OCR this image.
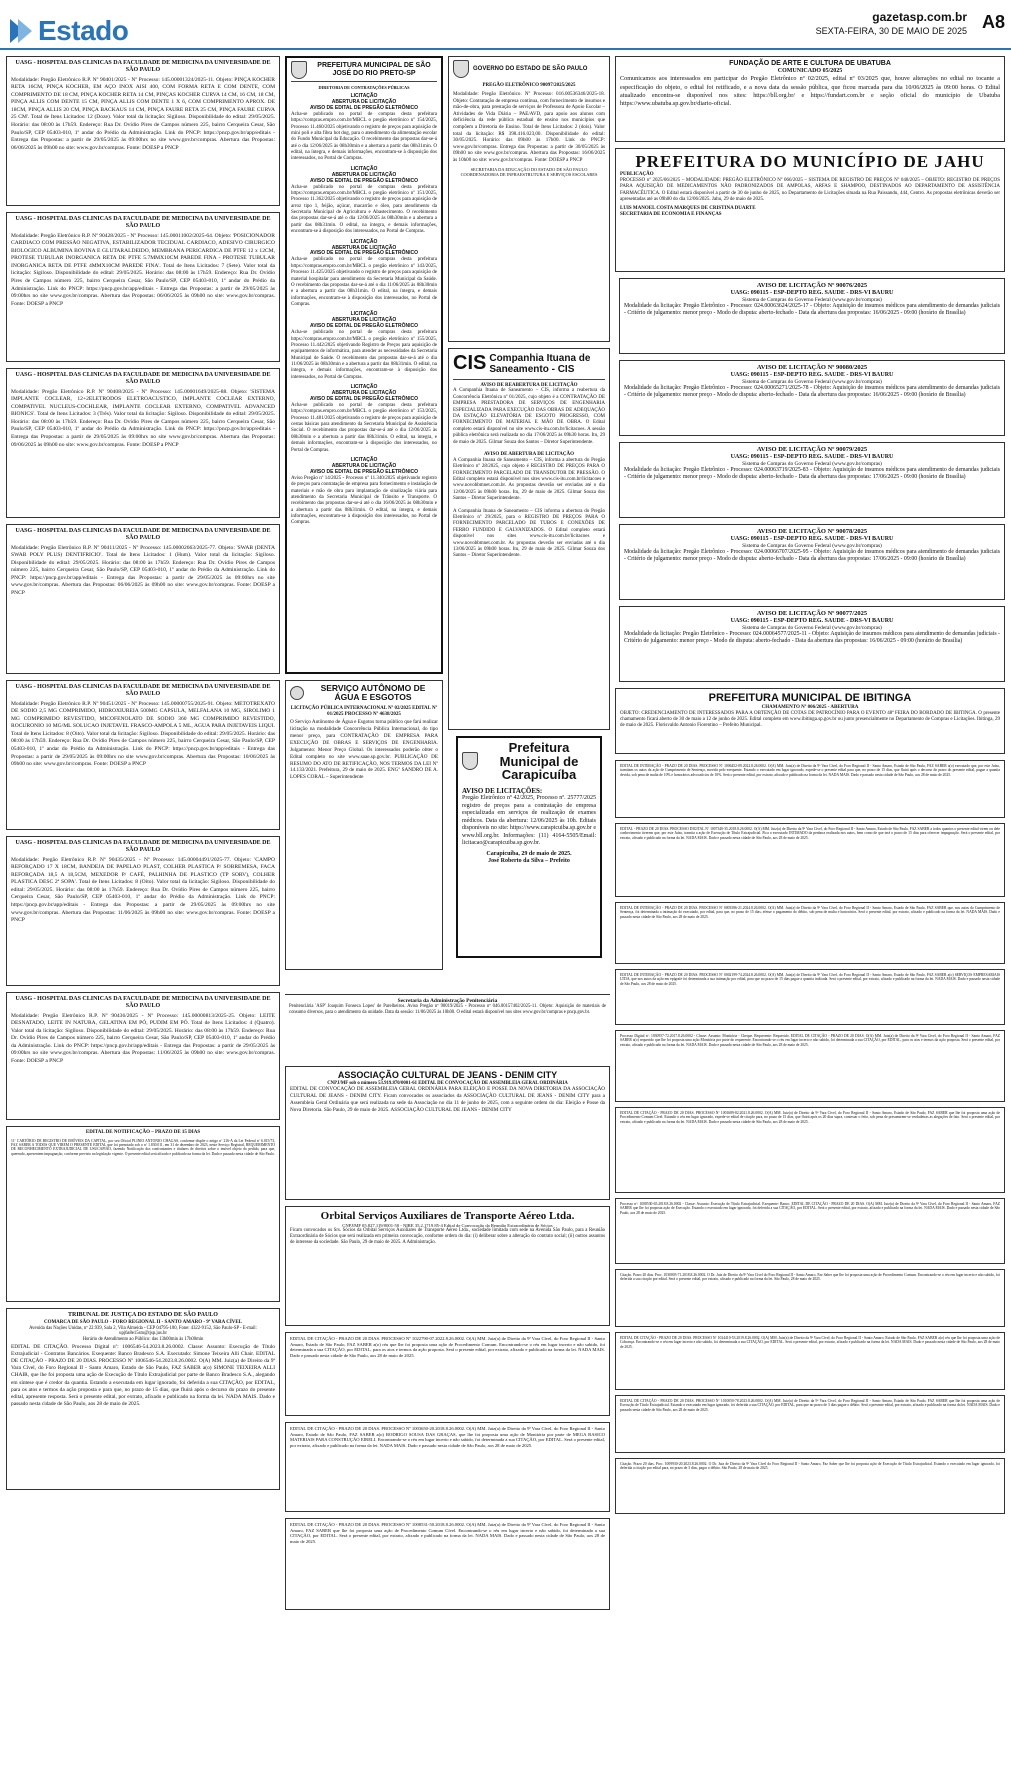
Estado	gazetasp.com.br
SEXTA-FEIRA, 30 DE MAIO DE 2025 A8
UASG - HOSPITAL DAS CLINICAS DA FACULDADE DE MEDICINA DA UNIVERSIDADE DE SÃO PAULO
Modalidade: Pregão Eletrônico R.P. Nº 90401/2025 - Nº Processo: 145.00001324/2025-11. Objeto: PINÇA KOCHER RETA 16CM, PINÇA KOCHER, EM AÇO INOX AISI 400, COM FORMA RETA E COM DENTE, COM COMPRIMENTO DE 18 CM, PINÇA KOCHER RETA 14 CM, PINÇAS KOCHER CURVA 14 CM, 16 CM, 18 CM, PINÇA ALLIS COM DENTE 15 CM, PINÇA ALLIS COM DENTE 1 X 6, COM COMPRIMENTO APROX. DE 18CM, PINÇA ALLIS 20 CM, PINÇA BACKAUS 14 CM, PINÇA FAURE RETA 25 CM, PINÇA FAURE CURVA 25 CM'. Total de Itens Licitados: 12 (Doze). Valor total da licitação: Sigiloso. Disponibilidade do edital: 29/05/2025. Horário: das 08:00 às 17h59. Endereço: Rua Dr. Ovídio Pires de Campos número 225, bairro Cerqueira Cesar, São Paulo/SP, CEP 05403-010, 1º andar do Prédio da Administração. Link do PNCP: https://pncp.gov.br/app/editais - Entrega das Propostas: a partir de 29/05/2025 às 09:00hrs no site www.gov.br/compras. Abertura das Propostas: 06/06/2025 às 09h00 no site: www.gov.br/compras. Fonte: DOESP a PNCP
UASG - HOSPITAL DAS CLINICAS DA FACULDADE DE MEDICINA DA UNIVERSIDADE DE SÃO PAULO
Modalidade: Pregão Eletrônico R.P. Nº 90428/2025 - Nº Processo: 145.00011002/2025-64. Objeto: 'POSICIONADOR CARDIACO COM PRESSÃO NEGATIVA, ESTABILIZADOR TECIDUAL CARDIACO, ADESIVO CIRURGICO BIOLOGICO ALBUMINA BOVINA E GLUTARALDEIDO, MEMBRANA PERICARDICA DE PTFE 12 x 12CM, PROTESE TUBULAR INORGANICA RETA DE PTFE 5.7MMX10CM PAREDE FINA - PROTESE TUBULAR INORGANICA RETA DE PTFE 4MMX10CM PAREDE FINA'. Total de Itens Licitados: 7 (Sete). Valor total da licitação: Sigiloso. Disponibilidade do edital: 29/05/2025. Horário: das 08:00 às 17h59. Endereço: Rua Dr. Ovídio Pires de Campos número 225, bairro Cerqueira Cesar, São Paulo/SP, CEP 05403-010, 1º andar do Prédio da Administração. Link do PNCP: https://pncp.gov.br/app/editais - Entrega das Propostas: a partir de 29/05/2025 às 09:00hrs no site www.gov.br/compras. Abertura das Propostas: 06/06/2025 às 09h00 no site: www.gov.br/compras. Fonte: DOESP a PNCP
UASG - HOSPITAL DAS CLINICAS DA FACULDADE DE MEDICINA DA UNIVERSIDADE DE SÃO PAULO
Modalidade: Pregão Eletrônico R.P. Nº 90408/2025 - Nº Processo: 145.00001649/2025-88. Objeto: 'SISTEMA IMPLANTE COCLEAR, 12+2ELETRODOS ELETROACUSTICO, IMPLANTE COCLEAR EXTERNO, COMPATIVEL NUCLEUS-COCHLEAR, IMPLANTE COCLEAR EXTERNO, COMPATIVEL ADVANCED BIONICS'. Total de Itens Licitados: 3 (Três). Valor total da licitação: Sigiloso. Disponibilidade do edital: 29/05/2025. Horário: das 08:00 às 17h59. Endereço: Rua Dr. Ovídio Pires de Campos número 225, bairro Cerqueira Cesar, São Paulo/SP, CEP 05403-010, 1º andar do Prédio da Administração. Link do PNCP: https://pncp.gov.br/app/editais - Entrega das Propostas: a partir de 29/05/2025 às 09:00hrs no site www.gov.br/compras. Abertura das Propostas: 09/06/2025 às 09h00 no site: www.gov.br/compras. Fonte: DOESP a PNCP
UASG - HOSPITAL DAS CLINICAS DA FACULDADE DE MEDICINA DA UNIVERSIDADE DE SÃO PAULO
Modalidade: Pregão Eletrônico R.P. Nº 90411/2025 - Nº Processo: 145.00002663/2025-77. Objeto: 'SWAB (DENTA SWAB POLY PLUS) DENTIFRICIO'. Total de Itens Licitados: 1 (Hum). Valor total da licitação: Sigiloso. Disponibilidade do edital: 29/05/2025. Horário: das 08:00 às 17h59. Endereço: Rua Dr. Ovídio Pires de Campos número 225, bairro Cerqueira Cesar, São Paulo/SP, CEP 05403-010, 1º andar do Prédio da Administração. Link do PNCP: https://pncp.gov.br/app/editais - Entrega das Propostas: a partir de 29/05/2025 às 09:00hrs no site www.gov.br/compras. Abertura das Propostas: 06/06/2025 às 09h00 no site: www.gov.br/compras. Fonte: DOESP a PNCP
UASG - HOSPITAL DAS CLINICAS DA FACULDADE DE MEDICINA DA UNIVERSIDADE DE SÃO PAULO
Modalidade: Pregão Eletrônico R.P. Nº 90451/2025 - Nº Processo: 145.00000755/2025-91. Objeto: METOTREXATO DE SODIO 2,5 MG COMPRIMIDO, HIDROXIUREIA 500MG CAPSULA, MELFALANA 10 MG, SIROLIMO 1 MG COMPRIMIDO REVESTIDO, MICOFENOLATO DE SODIO 360 MG COMPRIMIDO REVESTIDO, ROCURONIO 10 MG/ML SOLUCAO INJETAVEL FRASCO-AMPOLA 5 ML, AGUA PARA INJETAVEIS LIQUI. Total de Itens Licitados: 8 (Oito). Valor total da licitação: Sigiloso. Disponibilidade do edital: 29/05/2025. Horário: das 08:00 às 17h59. Endereço: Rua Dr. Ovídio Pires de Campos número 225, bairro Cerqueira Cesar, São Paulo/SP, CEP 05403-010, 1º andar do Prédio da Administração. Link do PNCP: https://pncp.gov.br/app/editais - Entrega das Propostas: a partir de 29/05/2025 às 09:00hrs no site www.gov.br/compras. Abertura das Propostas: 10/06/2025 às 09h00 no site: www.gov.br/compras. Fonte: DOESP a PNCP
UASG - HOSPITAL DAS CLINICAS DA FACULDADE DE MEDICINA DA UNIVERSIDADE DE SÃO PAULO
Modalidade: Pregão Eletrônico R.P. Nº 90435/2025 - Nº Processo: 145.00004491/2025-77. Objeto: 'CAMPO REFORÇADO 17 X 18CM, BANDEJA DE PAPELAO PLAST, COLHER PLASTICA P/ SOBREMESA, FACA REFORÇADA 18,5 A 18,5CM, MEXEDOR P/ CAFÉ, PALHINHA DE PLASTICO (TP SORV), COLHER PLASTICA DESC 2ª SOPA'. Total de Itens Licitados: 8 (Oito). Valor total da licitação: Sigiloso. Disponibilidade do edital: 29/05/2025. Horário: das 08:00 às 17h59. Endereço: Rua Dr. Ovídio Pires de Campos número 225, bairro Cerqueira Cesar, São Paulo/SP, CEP 05403-010, 1º andar do Prédio da Administração. Link do PNCP: https://pncp.gov.br/app/editais - Entrega das Propostas: a partir de 29/05/2025 às 09:00hrs no site www.gov.br/compras. Abertura das Propostas: 11/06/2025 às 09h00 no site: www.gov.br/compras. Fonte: DOESP a PNCP
UASG - HOSPITAL DAS CLINICAS DA FACULDADE DE MEDICINA DA UNIVERSIDADE DE SÃO PAULO
Modalidade: Pregão Eletrônico R.P. Nº 90436/2025 - Nº Processo: 145.00000813/2025-25. Objeto: LEITE DESNATADO, LEITE IN NATURA, GELATINA EM PÓ, PUDIM EM PÓ. Total de Itens Licitados: 4 (Quatro). Valor total da licitação: Sigiloso. Disponibilidade do edital: 29/05/2025. Horário: das 08:00 às 17h59. Endereço: Rua Dr. Ovídio Pires de Campos número 225, bairro Cerqueira Cesar, São Paulo/SP, CEP 05403-010, 1º andar do Prédio da Administração. Link do PNCP: https://pncp.gov.br/app/editais - Entrega das Propostas: a partir de 29/05/2025 às 09:00hrs no site www.gov.br/compras. Abertura das Propostas: 11/06/2025 às 09h00 no site: www.gov.br/compras. Fonte: DOESP a PNCP
EDITAL DE NOTIFICAÇÃO – PRAZO DE 15 DIAS
11º CARTÓRIO DE REGISTRO DE IMÓVEIS DA CAPITAL, por seu Oficial PLINIO ANTONIO CHAGAS, conforme dispõe o artigo nº 216-A da Lei Federal nº 6.015/73, FAZ SABER A TODOS QUE VIREM O PRESENTE EDITAL que foi prenotado sob o nº 1.830.011, em 31 de dezembro de 2023, neste Serviço Registral, REQUERIMENTO DE RECONHECIMENTO EXTRAJUDICIAL DE USUCAPIÃO, fazendo Notificação dos confrontantes e titulares de direitos sobre o imóvel objeto do pedido, para que, querendo, apresentem impugnação, conforme previsto na legislação vigente. O presente edital será afixado e publicado na forma da lei. Dado e passado nesta cidade de São Paulo.
TRIBUNAL DE JUSTIÇA DO ESTADO DE SÃO PAULO
COMARCA DE SÃO PAULO - FORO REGIONAL II - SANTO AMARO - 9ª VARA CÍVEL
Avenida das Nações Unidas, nº 22.939, Sala 2, Vila Almeida - CEP 04795-100, Fone: 4322-9152, São Paulo-SP - E-mail: upj6a8e15sto@tjsp.jus.br
Horário de Atendimento ao Público: das 13h00min às 17h00min
EDITAL DE CITAÇÃO. Processo Digital nº: 1006546-54.2023.8.26.0002. Classe: Assunto: Execução de Título Extrajudicial - Contratos Bancários. Exequente: Banco Bradesco S.A. Executado: Simone Teixeira Alli Chair. EDITAL DE CITAÇÃO - PRAZO DE 20 DIAS. PROCESSO Nº 1006546-54.2023.8.26.0002. O(A) MM. Juiz(a) de Direito da 9ª Vara Cível, do Foro Regional II - Santo Amaro, Estado de São Paulo, FAZ SABER a(o) SIMONE TEIXEIRA ALLI CHAIR, que lhe foi proposta uma ação de Execução de Título Extrajudicial por parte de Banco Bradesco S.A., alegando em síntese que é credor da quantia. Estando a executada em lugar ignorado, foi deferida a sua CITAÇÃO, por EDITAL, para os atos e termos da ação proposta e para que, no prazo de 15 dias, que fluirá após o decurso do prazo do presente edital, apresente resposta. Será o presente edital, por extrato, afixado e publicado na forma da lei. NADA MAIS. Dado e passado nesta cidade de São Paulo, aos 28 de maio de 2025.
PREFEITURA MUNICIPAL DE SÃO JOSÉ DO RIO PRETO-SP
DIRETORIA DE CONTRATAÇÕES PÚBLICAS
LICITAÇÃO
ABERTURA DE LICITAÇÃO
AVISO DE EDITAL DE PREGÃO ELETRÔNICO
Acha-se publicado no portal de compras desta prefeitura https://compras.empro.com.br/MBCL o pregão eletrônico nº 154/2025, Processo 11.460/2025 objetivando o registro de preços para aquisição de mini poli e alta fibra hot dog, para o atendimento da alimentação escolar do Fundo Municipal da Educação. O recebimento das propostas dar-se-á até o dia 12/06/2025 às 08h30min e a abertura a partir das 08h31min. O edital, na íntegra, e demais informações, encontram-se à disposição dos interessados, no Portal de Compras.
LICITAÇÃO
ABERTURA DE LICITAÇÃO
AVISO DE EDITAL DE PREGÃO ELETRÔNICO
Acha-se publicado no portal de compras desta prefeitura https://compras.empro.com.br/MBCL o pregão eletrônico nº 151/2025, Processo 11.362/2025 objetivando o registro de preços para aquisição de arroz tipo 1, feijão, açúcar, macarrão e óleo, para atendimento da Secretaria Municipal de Agricultura e Abastecimento. O recebimento das propostas dar-se-á até o dia 12/06/2025 às 08h30min e a abertura a partir das 08h31min. O edital, na íntegra, e demais informações, encontram-se à disposição dos interessados, no Portal de Compras.
LICITAÇÃO
ABERTURA DE LICITAÇÃO
AVISO DE EDITAL DE PREGÃO ELETRÔNICO
Acha-se publicado no portal de compras desta prefeitura https://compras.empro.com.br/MBCL o pregão eletrônico nº 143/2025, Processo 11.425/2025 objetivando o registro de preços para aquisição de material hospitalar para atendimento da Secretaria Municipal da Saúde. O recebimento das propostas dar-se-á até o dia 11/06/2025 às 08h30min e a abertura a partir das 08h31min. O edital, na íntegra, e demais informações, encontram-se à disposição dos interessados, no Portal de Compras.
LICITAÇÃO
ABERTURA DE LICITAÇÃO
AVISO DE EDITAL DE PREGÃO ELETRÔNICO
Acha-se publicado no portal de compras desta prefeitura https://compras.empro.com.br/MBCL o pregão eletrônico nº 155/2025, Processo 11.442/2025 objetivando Registro de Preços para aquisição de equipamentos de informática, para atender as necessidades da Secretaria Municipal de Saúde. O recebimento das propostas dar-se-á até o dia 11/06/2025 às 08h30min e a abertura a partir das 08h31min. O edital, na íntegra, e demais informações, encontram-se à disposição dos interessados, no Portal de Compras.
LICITAÇÃO
ABERTURA DE LICITAÇÃO
AVISO DE EDITAL DE PREGÃO ELETRÔNICO
Acha-se publicado no portal de compras desta prefeitura https://compras.empro.com.br/MBCL o pregão eletrônico nº 153/2025, Processo 11.481/2025 objetivando o registro de preços para aquisição de cestas básicas para atendimento da Secretaria Municipal de Assistência Social. O recebimento das propostas dar-se-á até o dia 12/06/2025 às 08h30min e a abertura a partir das 08h31min. O edital, na íntegra, e demais informações, encontram-se à disposição dos interessados, no Portal de Compras.
LICITAÇÃO
ABERTURA DE LICITAÇÃO
AVISO DE EDITAL DE PREGÃO ELETRÔNICO
Aviso Pregão nº 14/2025 - Processo nº 11.340/2025 objetivando registro de preços para contratação de empresa para fornecimento e instalação de materiais e mão de obra para implantação de sinalização viária para atendimento da Secretaria Municipal de Trânsito e Transporte. O recebimento das propostas dar-se-á até o dia 16/06/2025 às 08h30min e a abertura a partir das 08h31min. O edital, na íntegra, e demais informações, encontram-se à disposição dos interessados, no Portal de Compras.
SERVIÇO AUTÔNOMO DE ÁGUA E ESGOTOS
LICITAÇÃO PÚBLICA INTERNACIONAL Nº 02/2025 EDITAL Nº 01/2025 PROCESSO Nº 4638/2025
O Serviço Autônomo de Água e Esgotos torna público que fará realizar licitação na modalidade Concorrência Pública Internacional, do tipo menor preço, para CONTRATAÇÃO DE EMPRESA PARA EXECUÇÃO DE OBRAS E SERVIÇOS DE ENGENHARIA. Julgamento: Menor Preço Global. Os interessados poderão obter o Edital completo no site www.saae.sp.gov.br. PUBLICAÇÃO DE RESUMO DO ATO DE RETIFICAÇÃO, NOS TERMOS DA LEI Nº 14.133/2021. Prefeitura, 29 de maio de 2025. ENGº SANDRO DE A. LOPES CORAL – Superintendente
GOVERNO DO ESTADO DE SÃO PAULO
PREGÃO ELETRÔNICO 90097/2025/2025
Modalidade: Pregão Eletrônico. Nº Processo: 016.00536346/2025-18. Objeto: Contratação de empresa contínua, com fornecimento de insumos e mão-de-obra, para prestação de serviços de Professora de Apoio Escolar – Atividades de Vida Diária – PAE/AVD, para apoio aos alunos com deficiência da rede pública estadual de ensino nos municípios que compõem a Diretoria de Ensino. Total de Itens Licitados: 2 (dois). Valor total da licitação: R$ 398.416.023,00. Disponibilidade do edital: 30/05/2025. Horário: das 09h00 às 17h00. Link do PNCP: www.gov.br/compras. Entrega das Propostas: a partir de 30/05/2025 às 09h00 no site www.gov.br/compras. Abertura das Propostas: 16/06/2025 às 10h00 no site: www.gov.br/compras. Fonte: DOESP a PNCP
SECRETARIA DA EDUCAÇÃO DO ESTADO DE SÃO PAULO COORDENADORIA DE INFRAESTRUTURA E SERVIÇOS ESCOLARES
CIS Companhia Ituana de Saneamento - CIS
AVISO DE REABERTURA DE LICITAÇÃO
A Companhia Ituana de Saneamento – CIS, informa a reabertura da Concorrência Eletrônica nº 01/2025, cujo objeto é a CONTRATAÇÃO DE EMPRESA PRESTADORA DE SERVIÇOS DE ENGENHARIA ESPECIALIZADA PARA EXECUÇÃO DAS OBRAS DE ADEQUAÇÃO DA ESTAÇÃO ELEVATÓRIA DE ESGOTO PROGRESSO, COM FORNECIMENTO DE MATERIAL E MÃO DE OBRA. O Edital completo estará disponível no site www.cis-itu.com.br/licitacoes. A sessão pública eletrônica será realizada no dia 17/06/2025 às 09h30 horas. Itu, 29 de maio de 2025. Gilmar Souza dos Santos – Diretor Superintendente.
AVISO DE ABERTURA DE LICITAÇÃO
A Companhia Ituana de Saneamento – CIS, informa a abertura do Pregão Eletrônico nº 28/2025, cujo objeto é REGISTRO DE PREÇOS PARA O FORNECIMENTO PARCELADO DE TRANSDUTOR DE PRESSÃO. O Edital completo estará disponível nos sites www.cis-itu.com.br/licitacoes e www.novobbmnet.com.br. As propostas deverão ser enviadas até o dia 12/06/2025 às 09h00 horas. Itu, 29 de maio de 2025. Gilmar Souza dos Santos – Diretor Superintendente.
A Companhia Ituana de Saneamento – CIS informa a abertura do Pregão Eletrônico nº 29/2025, para o REGISTRO DE PREÇOS PARA O FORNECIMENTO PARCELADO DE TUBOS E CONEXÕES DE FERRO FUNDIDO E GALVANIZADOS. O Edital completo estará disponível nos sites www.cis-itu.com.br/licitacoes e www.novobbmnet.com.br. As propostas deverão ser enviadas até o dia 13/06/2025 às 09h00 horas. Itu, 29 de maio de 2025. Gilmar Souza dos Santos – Diretor Superintendente.
Prefeitura Municipal de Carapicuíba
AVISO DE LICITAÇÕES:
Pregão Eletrônico nº 42/2025, Processo nº. 25777/2025 registro de preços para a contratação de empresa especializada em serviços de realização de exames médicos. Data da abertura: 12/06/2025 às 10h. Editais disponíveis no site: https://www.carapicuiba.sp.gov.br e www.bll.org.br. Informações: (11) 4164-5505/Email: licitacao@carapicuiba.sp.gov.br.
Carapicuíba, 29 de maio de 2025.
José Roberto da Silva – Prefeito
Secretaria da Administração Penitenciária
Penitenciária 'ASP' Joaquim Fonseca Lopes' de Parelheiros. Aviso Pregão nº 90019/2025 - Processo nº 046.00157402/2025-11. Objeto: Aquisição de materiais de consumo diversos, para o atendimento da unidade. Data da sessão: 11/06/2025 às 10h00. O edital estará disponível nos sites www.gov.br/compras e pncp.gov.br.
ASSOCIAÇÃO CULTURAL DE JEANS - DENIM CITY
CNPJ/MF sob o número 53.919.870/0001-61 EDITAL DE CONVOCAÇÃO DE ASSEMBLEIA GERAL ORDINÁRIA
EDITAL DE CONVOCAÇÃO DE ASSEMBLEIA GERAL ORDINÁRIA PARA ELEIÇÃO E POSSE DA NOVA DIRETORIA DA ASSOCIAÇÃO CULTURAL DE JEANS - DENIM CITY. Ficam convocados os associados da ASSOCIAÇÃO CULTURAL DE JEANS - DENIM CITY para a Assembleia Geral Ordinária que será realizada na sede da Associação no dia 11 de junho de 2025, com a seguinte ordem do dia: Eleição e Posse da Nova Diretoria. São Paulo, 29 de maio de 2025. ASSOCIAÇÃO CULTURAL DE JEANS - DENIM CITY
Orbital Serviços Auxiliares de Transporte Aéreo Ltda.
CNPJ/MF 05.827.119/0001-50 - NIRE 35.2.1719.85-4 Edital de Convocação da Reunião Extraordinária de Sócios
Ficam convocados os Srs. Sócios da Orbital Serviços Auxiliares de Transporte Aéreo Ltda., sociedade limitada com sede na Avenida São Paulo, para a Reunião Extraordinária de Sócios que será realizada em primeira convocação, conforme ordem do dia: (i) deliberar sobre a alteração do contrato social; (ii) outros assuntos de interesse da sociedade. São Paulo, 29 de maio de 2025. A Administração.
EDITAL DE CITAÇÃO - PRAZO DE 20 DIAS. PROCESSO Nº 1022790-07.2022.8.26.0002. O(A) MM. Juiz(a) de Direito da 9ª Vara Cível, do Foro Regional II - Santo Amaro, Estado de São Paulo, FAZ SABER a(o) réu que lhe foi proposta uma ação de Procedimento Comum. Encontrando-se o réu em lugar incerto e não sabido, foi determinada a sua CITAÇÃO, por EDITAL, para os atos e termos da ação proposta. Será o presente edital, por extrato, afixado e publicado na forma da lei. NADA MAIS. Dado e passado nesta cidade de São Paulo, aos 28 de maio de 2025.
EDITAL DE CITAÇÃO - PRAZO DE 20 DIAS. PROCESSO Nº 1003650-20.2018.8.26.0002. O(A) MM. Juiz(a) de Direito da 9ª Vara Cível, do Foro Regional II - Santo Amaro, Estado de São Paulo, FAZ SABER a(o) RODRIGO SOUSA DAS GRAÇAS, que lhe foi proposta uma ação de Monitória por parte de MEGA BASICO MATERIAIS PARA CONSTRUÇÃO EIRELI. Encontrando-se o réu em lugar incerto e não sabido, foi determinada a sua CITAÇÃO, por EDITAL. Será o presente edital, por extrato, afixado e publicado na forma da lei. NADA MAIS. Dado e passado nesta cidade de São Paulo, aos 28 de maio de 2025.
EDITAL DE CITAÇÃO - PRAZO DE 20 DIAS. PROCESSO Nº 1008531-50.2018.8.26.0002. O(A) MM. Juiz(a) de Direito da 9ª Vara Cível, do Foro Regional II - Santo Amaro, FAZ SABER que lhe foi proposta uma ação de Procedimento Comum Cível. Encontrando-se o réu em lugar incerto e não sabido, foi determinada a sua CITAÇÃO, por EDITAL. Será o presente edital, por extrato, afixado e publicado na forma da lei. NADA MAIS. Dado e passado nesta cidade de São Paulo, aos 28 de maio de 2025.
FUNDAÇÃO DE ARTE E CULTURA DE UBATUBA
COMUNICADO 05/2025
Comunicamos aos interessados em participar do Pregão Eletrônico nº 02/2025, edital nº 03/2025 que, houve alterações no edital no tocante a especificação do objeto, o edital foi retificado, e a nova data da sessão pública, que ficou marcada para dia 10/06/2025 às 09:00 horas. O Edital atualizado encontra-se disponível nos sites: https://bll.org.br/ e https://fundart.com.br e seção oficial do município de Ubatuba https://www.ubatuba.sp.gov.br/diario-oficial.
PREFEITURA DO MUNICÍPIO DE JAHU
PUBLICAÇÃO
PROCESSO nº 2025/06/2025 – MODALIDADE: PREGÃO ELETRÔNICO Nº 066/2025 – SISTEMA DE REGISTRO DE PREÇOS Nº 048/2025 – OBJETO: REGISTRO DE PREÇOS PARA AQUISIÇÃO DE MEDICAMENTOS NÃO PADRONIZADOS DE AMPOLAS, ARFAS E SHAMPOO, DESTINADOS AO DEPARTAMENTO DE ASSISTÊNCIA FARMACÊUTICA. O Edital estará disponível a partir de 30 de junho de 2025, no Departamento de Licitações situada na Rua Paissandu, 444, Centro. As propostas eletrônicas deverão ser apresentadas até as 09h00 do dia 12/06/2025. Jahu, 29 de maio de 2025.
LUIS MANOEL COSTA MARQUES DE CRISTINA DUARTE
SECRETARIA DE ECONOMIA E FINANÇAS
AVISO DE LICITAÇÃO Nº 90076/2025
UASG: 090115 - ESP-DEPTO REG. SAUDE - DRS-VI BAURU
Sistema de Compras do Governo Federal (www.gov.br/compras)
Modalidade da licitação: Pregão Eletrônico - Processo: 024.00063624/2025-17 - Objeto: Aquisição de insumos médicos para atendimento de demandas judiciais - Critério de julgamento: menor preço - Modo de disputa: aberto-fechado - Data da abertura das propostas: 16/06/2025 - 09:00 (horário de Brasília)
AVISO DE LICITAÇÃO Nº 90080/2025
UASG: 090115 - ESP-DEPTO REG. SAUDE - DRS-VI BAURU
Sistema de Compras do Governo Federal (www.gov.br/compras)
Modalidade da licitação: Pregão Eletrônico - Processo: 024.00065271/2025-78 - Objeto: Aquisição de insumos médicos para atendimento de demandas judiciais - Critério de julgamento: menor preço - Modo de disputa: aberto-fechado - Data da abertura das propostas: 16/06/2025 - 09:00 (horário de Brasília)
AVISO DE LICITAÇÃO Nº 90079/2025
UASG: 090115 - ESP-DEPTO REG. SAUDE - DRS-VI BAURU
Sistema de Compras do Governo Federal (www.gov.br/compras)
Modalidade da licitação: Pregão Eletrônico - Processo: 024.00063719/2025-83 - Objeto: Aquisição de insumos médicos para atendimento de demandas judiciais - Critério de julgamento: menor preço - Modo de disputa: aberto-fechado - Data da abertura das propostas: 17/06/2025 - 09:00 (horário de Brasília)
AVISO DE LICITAÇÃO Nº 90078/2025
UASG: 090115 - ESP-DEPTO REG. SAUDE - DRS-VI BAURU
Sistema de Compras do Governo Federal (www.gov.br/compras)
Modalidade da licitação: Pregão Eletrônico - Processo: 024.00066707/2025-95 - Objeto: Aquisição de insumos médicos para atendimento de demandas judiciais - Critério de julgamento: menor preço - Modo de disputa: aberto-fechado - Data da abertura das propostas: 17/06/2025 - 09:00 (horário de Brasília)
AVISO DE LICITAÇÃO Nº 90077/2025
UASG: 090115 - ESP-DEPTO REG. SAUDE - DRS-VI BAURU
Sistema de Compras do Governo Federal (www.gov.br/compras)
Modalidade da licitação: Pregão Eletrônico - Processo: 024.00064577/2025-11 - Objeto: Aquisição de insumos médicos para atendimento de demandas judiciais - Critério de julgamento: menor preço - Modo de disputa: aberto-fechado - Data da abertura das propostas: 16/06/2025 - 09:00 (horário de Brasília)
PREFEITURA MUNICIPAL DE IBITINGA
CHAMAMENTO Nº 006/2025 - ABERTURA
OBJETO: CREDENCIAMENTO DE INTERESSADOS PARA A OBTENÇÃO DE COTAS DE PATROCÍNIO PARA O EVENTO 48ª FEIRA DO BORDADO DE IBITINGA. O presente chamamento ficará aberto de 30 de maio a 12 de junho de 2025. Edital completo em www.ibitinga.sp.gov.br ou junto presencialmente no Departamento de Compras e Licitações. Ibitinga, 29 de maio de 2025. Florisvaldo Antonio Fiorentino – Prefeito Municipal.
EDITAL DE INTIMAÇÃO - PRAZO DE 20 DIAS. PROCESSO Nº 1006452-09.2022.8.26.0002. O(A) MM. Juiz(a) de Direito da 9ª Vara Cível, do Foro Regional II - Santo Amaro, Estado de São Paulo, FAZ SABER a(o) executado que, por este Juízo, tramitam os autos da ação de Cumprimento de Sentença, movida pelo exequente. Estando o executado em lugar ignorado, expede-se o presente edital para que, no prazo de 15 dias, que fluirá após o decurso do prazo do presente edital, pague a quantia devida, sob pena de multa de 10% e honorários advocatícios de 10%. Será o presente edital, por extrato, afixado e publicado na forma da lei. NADA MAIS. Dado e passado nesta cidade de São Paulo, aos 28 de maio de 2025.
EDITAL - PRAZO DE 20 DIAS. PROCESSO DIGITAL Nº 1007340-35.2018.8.26.0002. O(A) MM. Juiz(a) de Direito da 9ª Vara Cível, do Foro Regional II - Santo Amaro, Estado de São Paulo, FAZ SABER a todos quantos o presente edital virem ou dele conhecimento tiverem que, por este Juízo, tramita a ação de Execução de Título Extrajudicial. Fica o executado INTIMADO da penhora realizada nos autos, bem como de que terá o prazo de 15 dias para oferecer impugnação. Será o presente edital, por extrato, afixado e publicado na forma da lei. NADA MAIS. Dado e passado nesta cidade de São Paulo, aos 28 de maio de 2025.
EDITAL DE INTIMAÇÃO - PRAZO DE 20 DIAS. PROCESSO Nº 0003586-21.2024.8.26.0002. O(A) MM. Juiz(a) de Direito da 9ª Vara Cível, do Foro Regional II - Santo Amaro, Estado de São Paulo, FAZ SABER que, nos autos do Cumprimento de Sentença, foi determinada a intimação do executado, por edital, para que, no prazo de 15 dias, efetue o pagamento do débito, sob pena de multa e honorários. Será o presente edital, por extrato, afixado e publicado na forma da lei. NADA MAIS. Dado e passado nesta cidade de São Paulo, aos 28 de maio de 2025.
EDITAL DE INTIMAÇÃO - PRAZO DE 20 DIAS. PROCESSO Nº 0002199-74.2024.8.26.0002. O(A) MM. Juiz(a) de Direito da 9ª Vara Cível, do Foro Regional II - Santo Amaro, Estado de São Paulo, FAZ SABER a(o) SERVIÇOS EMPRESARIAIS LTDA, que nos autos da ação em epígrafe foi determinada a sua intimação por edital, para que no prazo de 15 dias pague a quantia indicada. Será o presente edital, por extrato, afixado e publicado na forma da lei. NADA MAIS. Dado e passado nesta cidade de São Paulo, aos 28 de maio de 2025.
Processo Digital nº: 1030957-72.2017.8.26.0002 - Classe: Assunto: Monitória - Cheque. Requerente: Requerido. EDITAL DE CITAÇÃO - PRAZO DE 20 DIAS. O(A) MM. Juiz(a) de Direito da 9ª Vara Cível, do Foro Regional II - Santo Amaro, FAZ SABER a(o) requerido que lhe foi proposta uma ação Monitória por parte do requerente. Encontrando-se o réu em lugar incerto e não sabido, foi determinada a sua CITAÇÃO, por EDITAL, para os atos e termos da ação proposta. Será o presente edital, por extrato, afixado e publicado na forma da lei. NADA MAIS. Dado e passado nesta cidade de São Paulo, aos 28 de maio de 2025.
EDITAL DE CITAÇÃO - PRAZO DE 20 DIAS. PROCESSO Nº 1001689-82.2021.8.26.0002. O(A) MM. Juiz(a) de Direito da 9ª Vara Cível, do Foro Regional II - Santo Amaro, Estado de São Paulo, FAZ SABER que lhe foi proposta uma ação de Procedimento Comum Cível. Estando o réu em lugar ignorado, expede-se edital de citação para, no prazo de 15 dias, que fluirá após os 20 dias supra, contestar o feito, sob pena de presumirem-se verdadeiras as alegações de fato. Será o presente edital, por extrato, afixado e publicado na forma da lei. NADA MAIS. Dado e passado nesta cidade de São Paulo, aos 28 de maio de 2025.
Processo nº: 1008530-65.2018.8.26.0002 - Classe: Assunto: Execução de Título Extrajudicial. Exequente: Banco. EDITAL DE CITAÇÃO - PRAZO DE 20 DIAS. O(A) MM. Juiz(a) de Direito da 9ª Vara Cível, do Foro Regional II - Santo Amaro, FAZ SABER que lhe foi proposta ação de Execução. Estando o executado em lugar ignorado, foi deferida a sua CITAÇÃO, por EDITAL. Será o presente edital, por extrato, afixado e publicado na forma da lei. NADA MAIS. Dado e passado nesta cidade de São Paulo, aos 28 de maio de 2025.
Citação. Prazo 20 dias. Proc. 1030003-71.2018.8.26.0002. O Dr. Juiz de Direito da 9ª Vara Cível do Foro Regional II - Santo Amaro, Faz Saber que lhe foi proposta uma ação de Procedimento Comum. Encontrando-se o réu em lugar incerto e não sabido, foi deferida a sua citação por edital. Será o presente edital, por extrato, afixado e publicado na forma da lei. São Paulo, 28 de maio de 2025.
EDITAL DE CITAÇÃO - PRAZO DE 20 DIAS. PROCESSO Nº 1024410-53.2019.8.26.0002. O(A) MM. Juiz(a) de Direito da 9ª Vara Cível, do Foro Regional II - Santo Amaro, Estado de São Paulo, FAZ SABER a(o) réu que lhe foi proposta uma ação de Cobrança. Encontrando-se o réu em lugar incerto e não sabido, foi determinada a sua CITAÇÃO, por EDITAL. Será o presente edital, por extrato, afixado e publicado na forma da lei. NADA MAIS. Dado e passado nesta cidade de São Paulo, aos 28 de maio de 2025.
EDITAL DE CITAÇÃO - PRAZO DE 20 DIAS. PROCESSO Nº 1010050-78.2023.8.26.0002. O(A) MM. Juiz(a) de Direito da 9ª Vara Cível, do Foro Regional II - Santo Amaro, Estado de São Paulo, FAZ SABER que lhe foi proposta uma ação de Execução de Título Extrajudicial. Estando o executado em lugar ignorado, foi deferida a sua CITAÇÃO, por EDITAL, para que no prazo de 3 dias pague o débito. Será o presente edital, por extrato, afixado e publicado na forma da lei. NADA MAIS. Dado e passado nesta cidade de São Paulo, aos 28 de maio de 2025.
Citação. Prazo 20 dias. Proc. 1009930-20.2023.8.26.0002. O Dr. Juiz de Direito da 9ª Vara Cível do Foro Regional II - Santo Amaro, Faz Saber que lhe foi proposta ação de Execução de Título Extrajudicial. Estando o executado em lugar ignorado, foi deferida a citação por edital para, no prazo de 3 dias, pagar o débito. São Paulo, 28 de maio de 2025.
